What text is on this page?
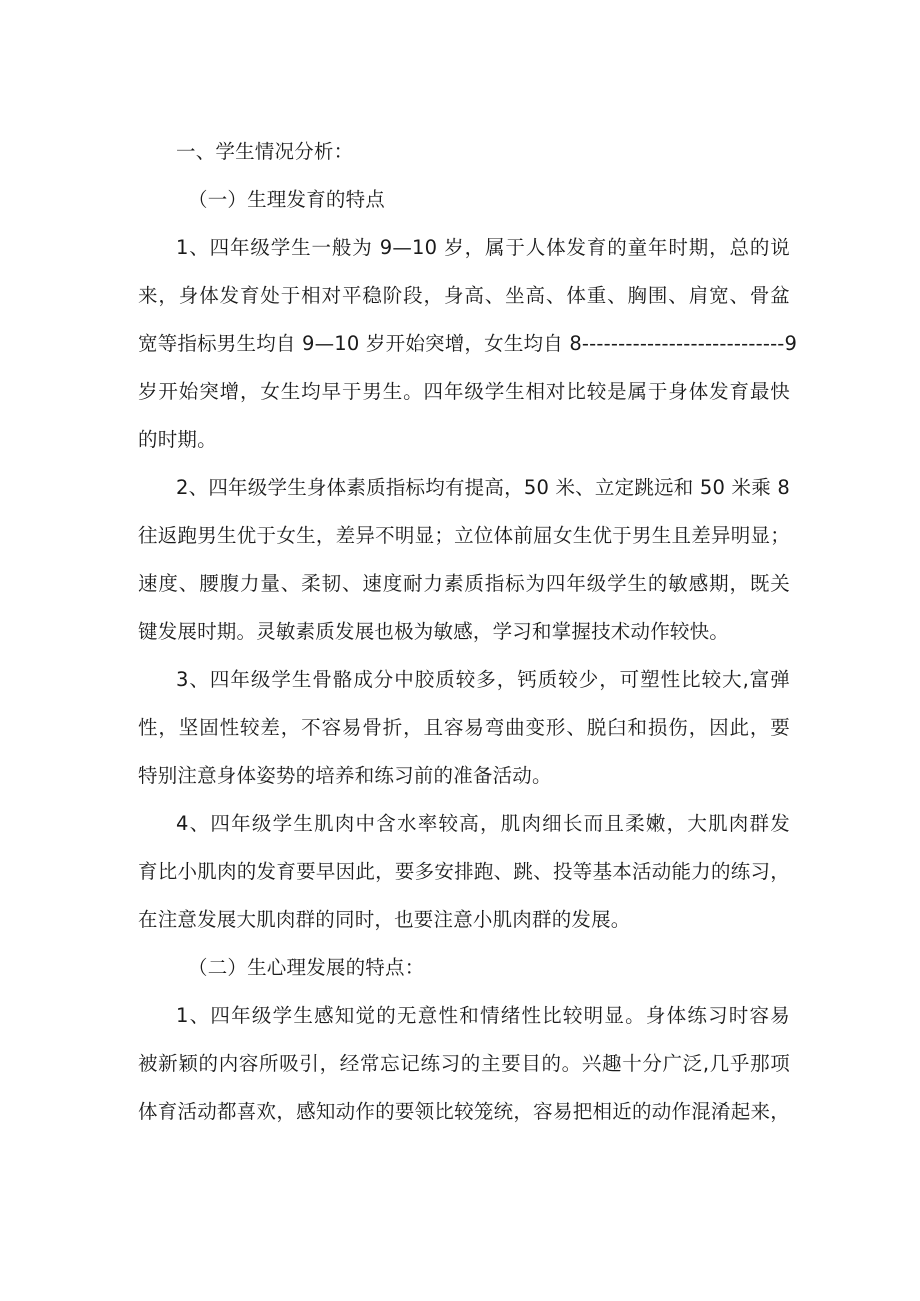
一、学生情况分析：
（一）生理发育的特点
1、四年级学生一般为 9—10 岁，属于人体发育的童年时期，总的说
来，身体发育处于相对平稳阶段，身高、坐高、体重、胸围、肩宽、骨盆
宽等指标男生均自 9—10 岁开始突增，女生均自 8----------------------------9
岁开始突增，女生均早于男生。四年级学生相对比较是属于身体发育最快
的时期。
2、四年级学生身体素质指标均有提高，50 米、立定跳远和 50 米乘 8
往返跑男生优于女生，差异不明显；立位体前屈女生优于男生且差异明显；
速度、腰腹力量、柔韧、速度耐力素质指标为四年级学生的敏感期，既关
键发展时期。灵敏素质发展也极为敏感，学习和掌握技术动作较快。
3、四年级学生骨骼成分中胶质较多，钙质较少，可塑性比较大,富弹
性，坚固性较差，不容易骨折，且容易弯曲变形、脱臼和损伤，因此，要
特别注意身体姿势的培养和练习前的准备活动。
4、四年级学生肌肉中含水率较高，肌肉细长而且柔嫩，大肌肉群发
育比小肌肉的发育要早因此，要多安排跑、跳、投等基本活动能力的练习，
在注意发展大肌肉群的同时，也要注意小肌肉群的发展。
（二）生心理发展的特点：
1、四年级学生感知觉的无意性和情绪性比较明显。身体练习时容易
被新颖的内容所吸引，经常忘记练习的主要目的。兴趣十分广泛,几乎那项
体育活动都喜欢，感知动作的要领比较笼统，容易把相近的动作混淆起来，
